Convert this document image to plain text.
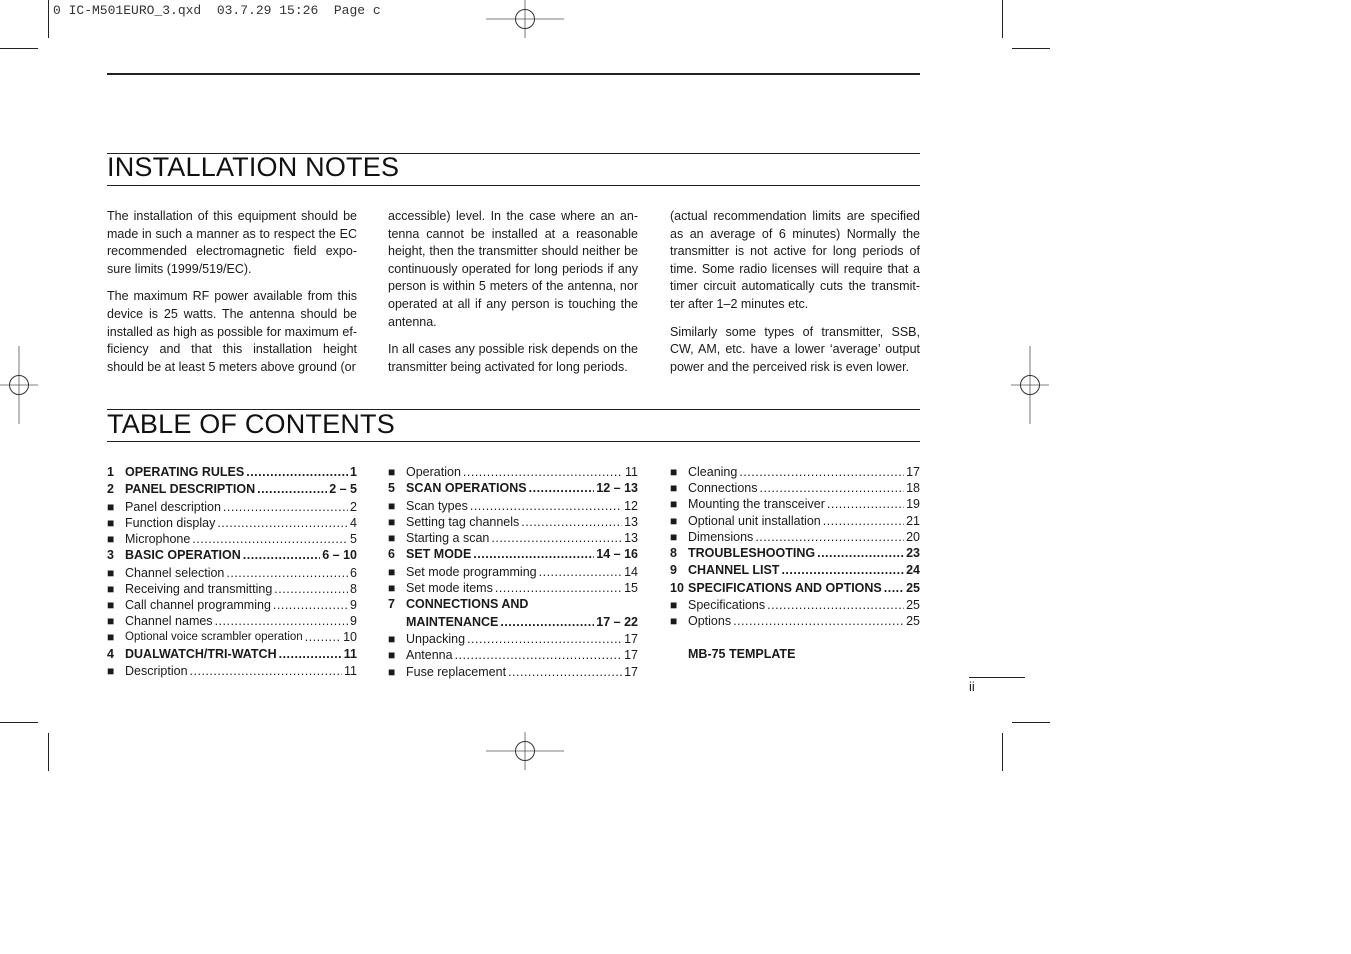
0 IC-M501EURO_3.qxd  03.7.29 15:26  Page c
INSTALLATION NOTES

The installation of this equipment should be made in such a manner as to respect the EC recommended electromagnetic field expo-sure limits (1999/519/EC).

The maximum RF power available from this device is 25 watts. The antenna should be installed as high as possible for maximum ef-ficiency and that this installation height should be at least 5 meters above ground (or

accessible) level. In the case where an an-tenna cannot be installed at a reasonable height, then the transmitter should neither be continuously operated for long periods if any person is within 5 meters of the antenna, nor operated at all if any person is touching the antenna.

In all cases any possible risk depends on the transmitter being activated for long periods.

(actual recommendation limits are specified as an average of 6 minutes) Normally the transmitter is not active for long periods of time. Some radio licenses will require that a timer circuit automatically cuts the transmit-ter after 1–2 minutes etc.

Similarly some types of transmitter, SSB, CW, AM, etc. have a lower ‘average’ output power and the perceived risk is even lower.

TABLE OF CONTENTS
1 OPERATING RULES .....	1
2 PANEL DESCRIPTION .....	2 – 5
■
Panel description .....	2
■
Function display .....	4
■
Microphone .....	5
3 BASIC OPERATION .....	6 – 10
■
Channel selection .....	6
■
Receiving and transmitting .....	8
■
Call channel programming .....	9
■
Channel names .....	9
■
Optional voice scrambler operation .....	10
4 DUALWATCH/TRI-WATCH .....	11
■
Description .....	11
■
Operation .....	11
5 SCAN OPERATIONS .....	12 – 13
■
Scan types .....	12
■
Setting tag channels .....	13
■
Starting a scan .....	13
6 SET MODE .....	14 – 16
■
Set mode programming .....	14
■
Set mode items .....	15
7 CONNECTIONS AND
MAINTENANCE .....	17 – 22
■
Unpacking .....	17
■
Antenna .....	17
■
Fuse replacement .....	17
■
Cleaning .....	17
■
Connections .....	18
■
Mounting the transceiver .....	19
■
Optional unit installation .....	21
■
Dimensions .....	20
8 TROUBLESHOOTING .....	23
9 CHANNEL LIST .....	24
10 SPECIFICATIONS AND OPTIONS ..... 25
■
Specifications .....	25
■
Options .....	25
MB-75 TEMPLATE
ii
